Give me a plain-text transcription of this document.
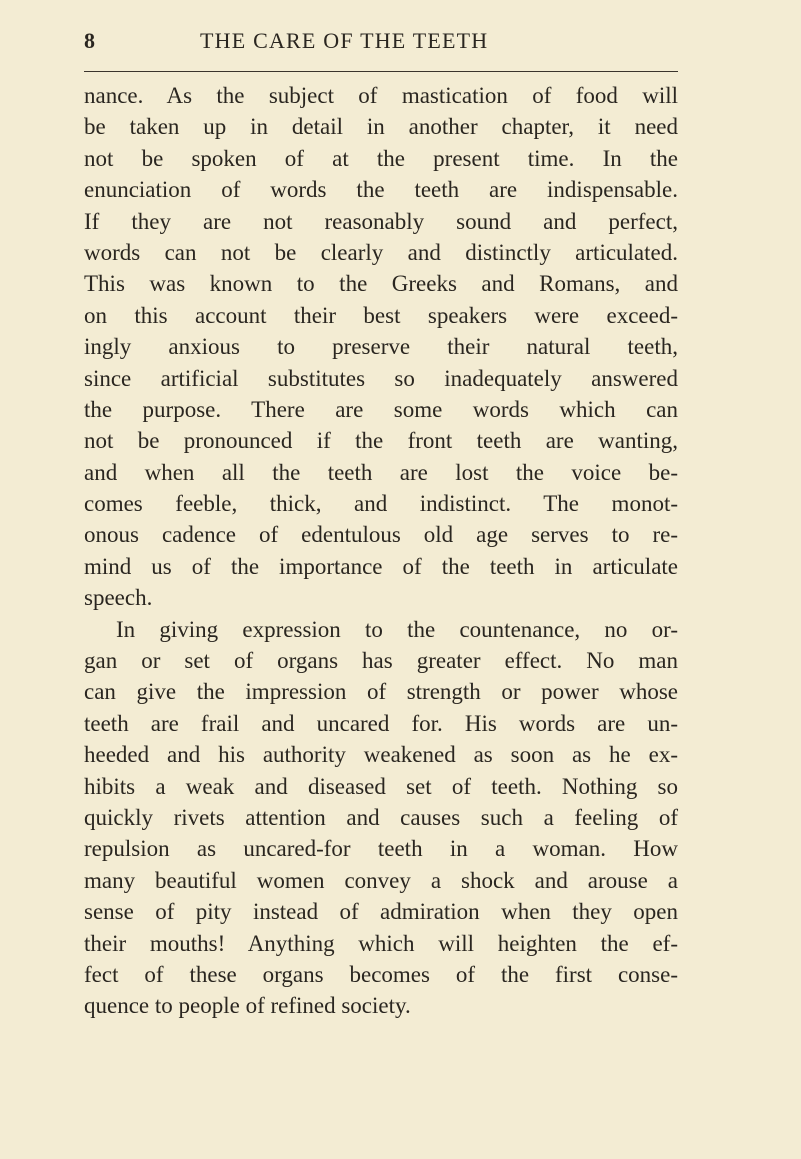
8	THE CARE OF THE TEETH
nance. As the subject of mastication of food will
be taken up in detail in another chapter, it need
not be spoken of at the present time. In the
enunciation of words the teeth are indispensable.
If they are not reasonably sound and perfect,
words can not be clearly and distinctly articulated.
This was known to the Greeks and Romans, and
on this account their best speakers were exceed-
ingly anxious to preserve their natural teeth,
since artificial substitutes so inadequately answered
the purpose. There are some words which can
not be pronounced if the front teeth are wanting,
and when all the teeth are lost the voice be-
comes feeble, thick, and indistinct. The monot-
onous cadence of edentulous old age serves to re-
mind us of the importance of the teeth in articulate
speech.
In giving expression to the countenance, no or-
gan or set of organs has greater effect. No man
can give the impression of strength or power whose
teeth are frail and uncared for. His words are un-
heeded and his authority weakened as soon as he ex-
hibits a weak and diseased set of teeth. Nothing so
quickly rivets attention and causes such a feeling of
repulsion as uncared-for teeth in a woman. How
many beautiful women convey a shock and arouse a
sense of pity instead of admiration when they open
their mouths! Anything which will heighten the ef-
fect of these organs becomes of the first conse-
quence to people of refined society.
